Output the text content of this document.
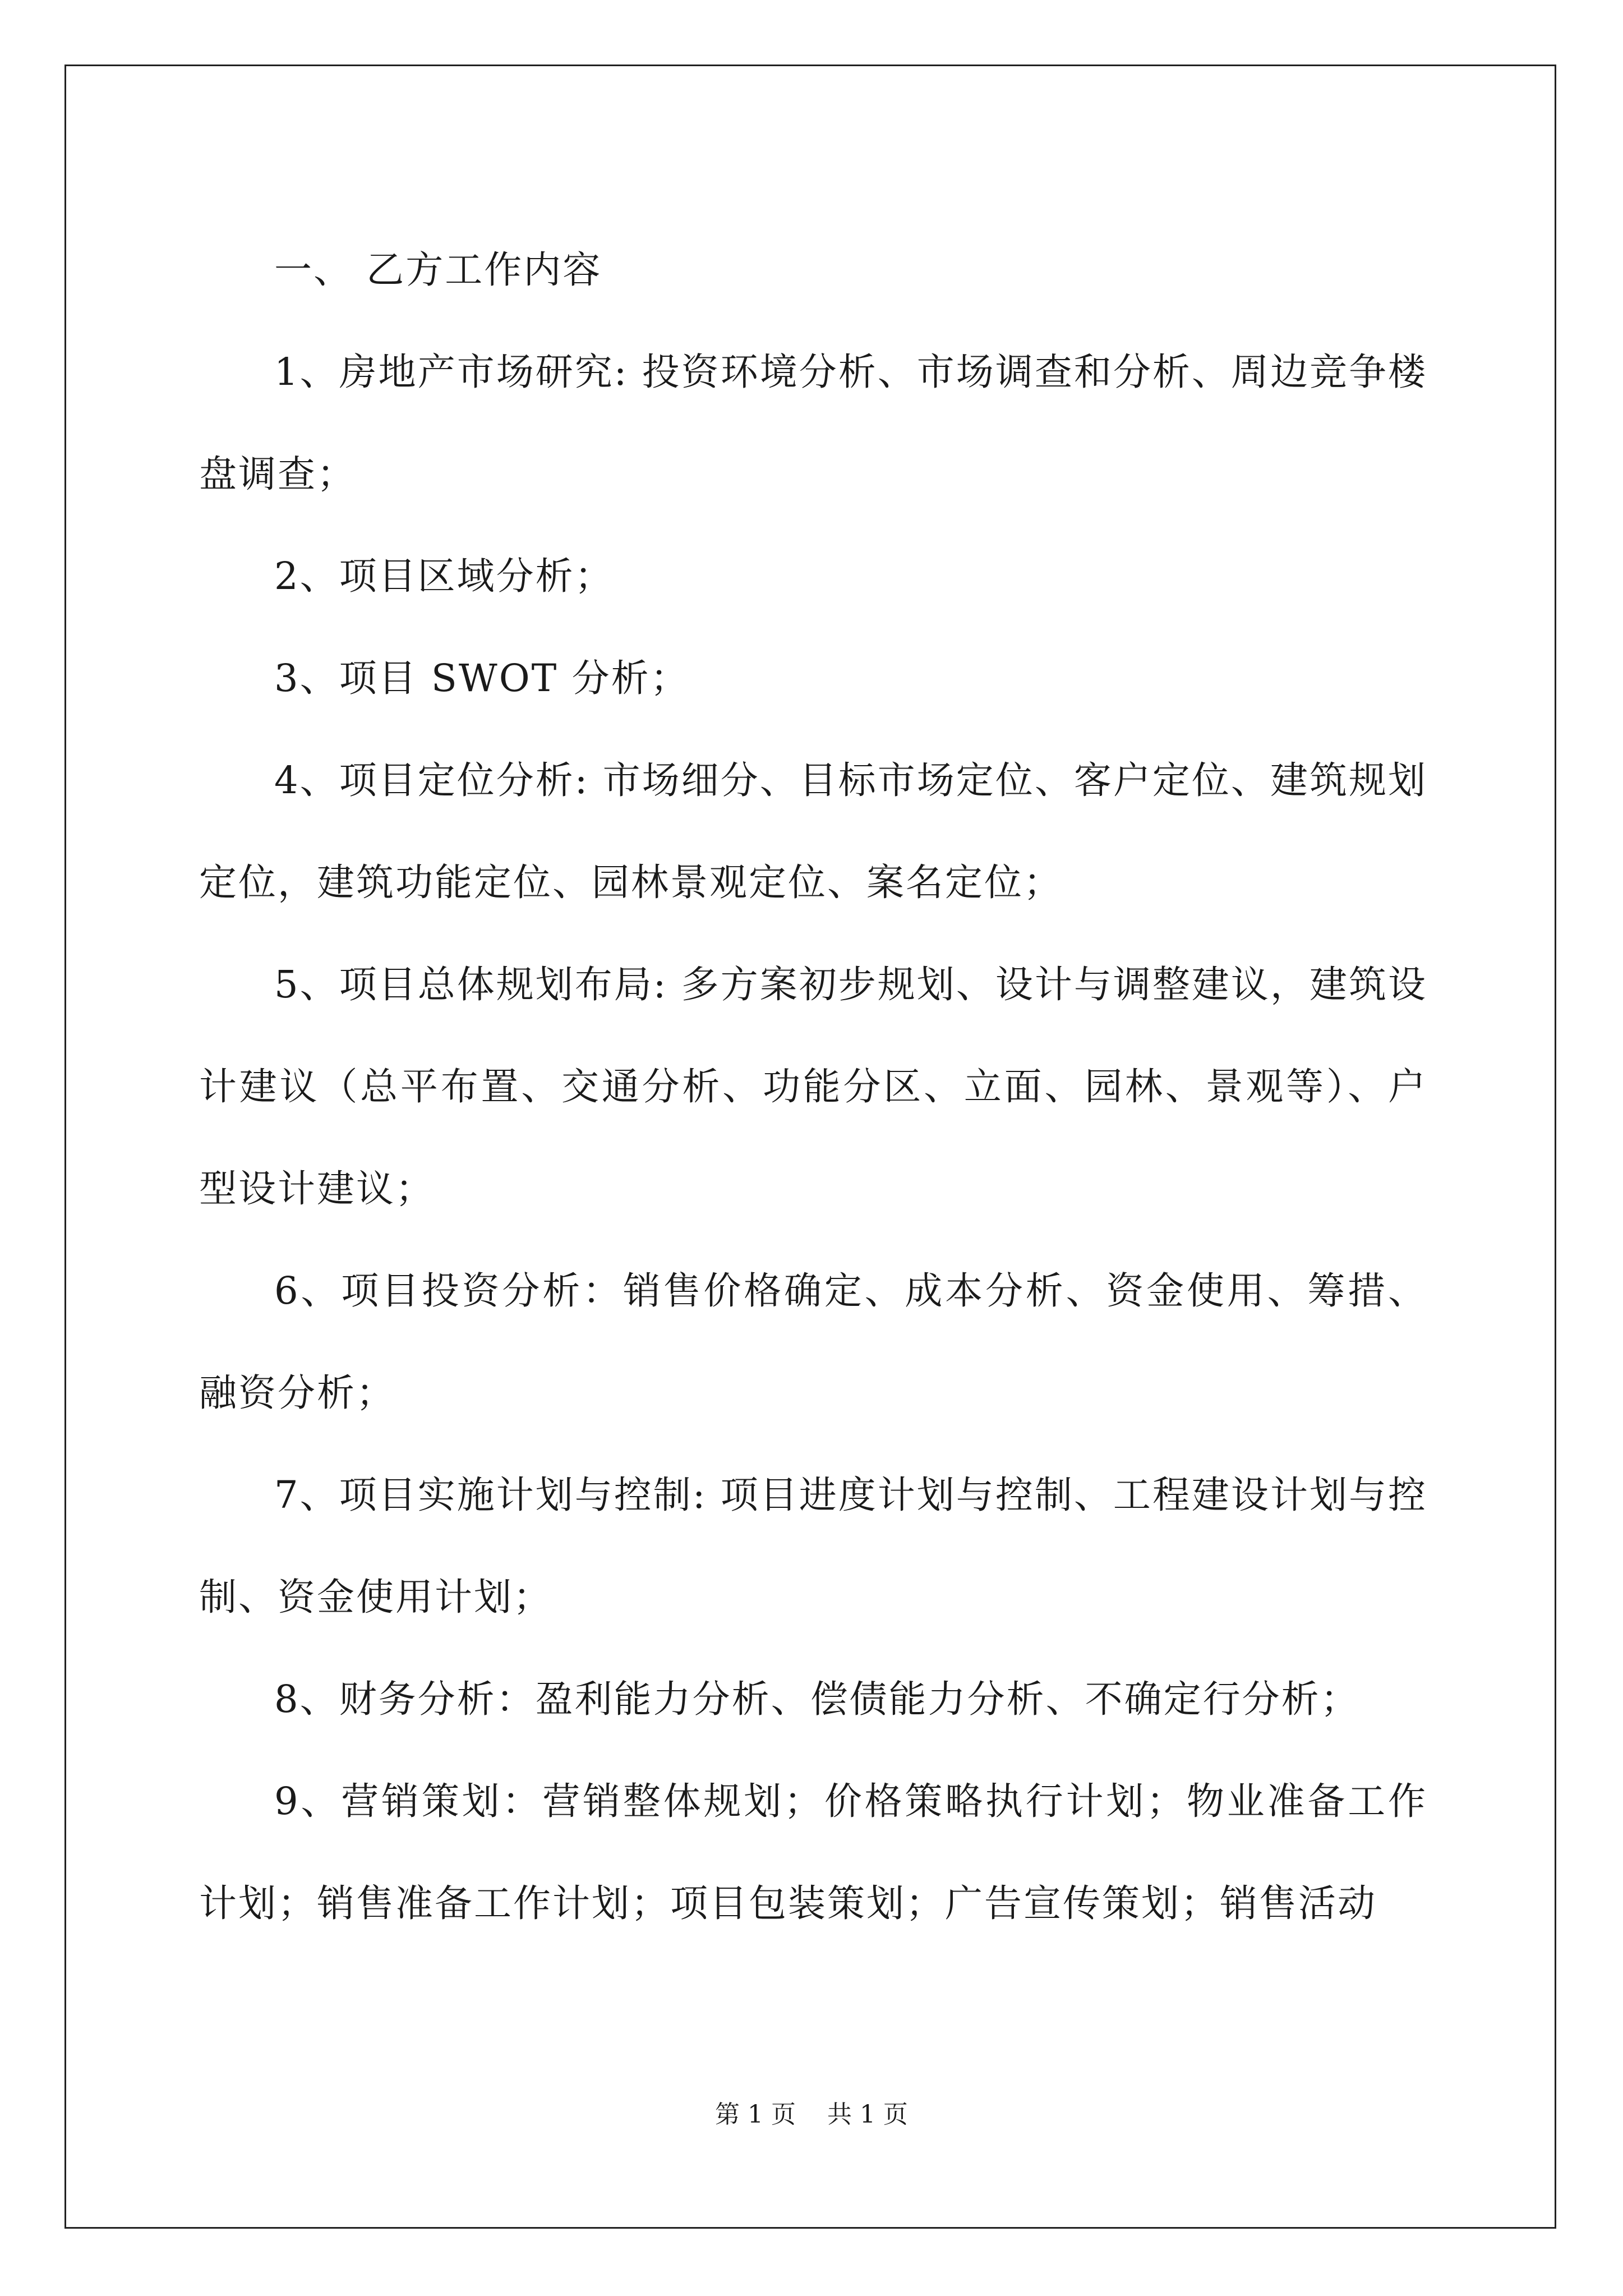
一、 乙方工作内容

1、房地产市场研究: 投资环境分析、市场调查和分析、周边竞争楼盘调查；

2、项目区域分析；

3、项目 SWOT 分析；

4、项目定位分析: 市场细分、目标市场定位、客户定位、建筑规划定位，建筑功能定位、园林景观定位、案名定位；

5、项目总体规划布局: 多方案初步规划、设计与调整建议，建筑设计建议（总平布置、交通分析、功能分区、立面、园林、景观等）、户型设计建议；

6、项目投资分析：销售价格确定、成本分析、资金使用、筹措、融资分析；

7、项目实施计划与控制: 项目进度计划与控制、工程建设计划与控制、资金使用计划；

8、财务分析：盈利能力分析、偿债能力分析、不确定行分析；

9、营销策划：营销整体规划；价格策略执行计划；物业准备工作计划；销售准备工作计划；项目包装策划；广告宣传策划；销售活动

第 1 页 共 1 页
